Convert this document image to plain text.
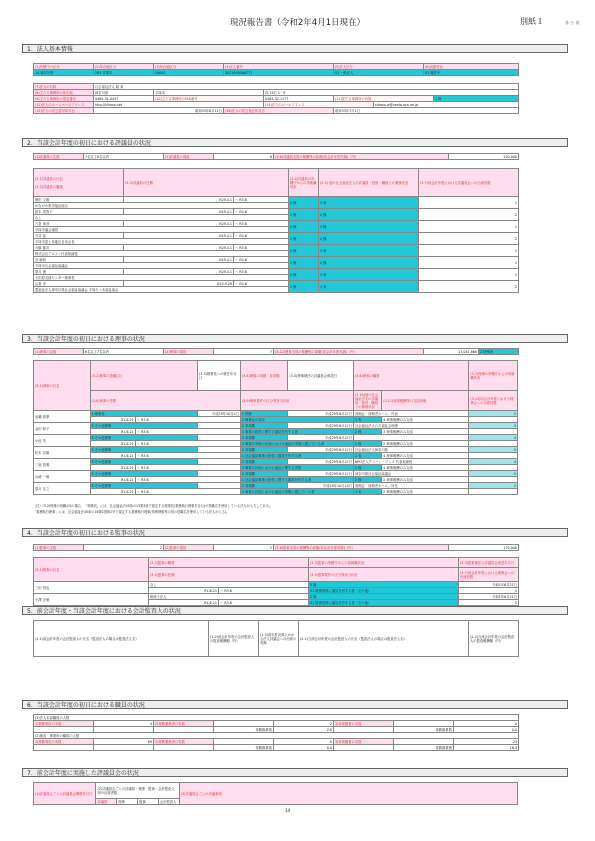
現況報告書（令和2年4月1日現在）	別紙１	非 公 表
1．法人基本情報
(1)所轄庁の区分	(2)所在地区分	(3)所在地区分	(4)法人番号	(5)法人区分	(6)活動状況
14 神奈川県	203 平塚市	14000	5021005006777	01 一般法人	01 運営中
(7)法人の名称	社会福祉法人 昭 希						
(8)主たる事務所の所在地	神奈川県	平塚市		浅 15石 1－9			
(9)主たる事務所の電話番号	0463-31-0437	(10)主たる事務所のFAX番号		0463-32-1177	(11)従たる事務所の有無		2 無
(12)法人のホームページアドレス	http://kihoso.net			(14)法人のメールアドレス		kihoso-w@vesta.ocn.ne.jp	
(15)法人の設立認可年月日	昭和33年6月11日		(16)法人の設立登記年月日		昭和33年7月1日		
2．当該会計年度の初日における評議員の状況
(1)評議員の定数	7名以上8名以内	(2)評議員の現員	8	(3-6)評議員全員の報酬等の総額(前会計年度実績)（円）	220,000
(3-1)評議員の氏名

(3-2)評議員の職業	(3-3)評議員の任期		(3-4)評議員の所轄庁からの再就職状況	(3-5) 他の社会福祉法人の評議員・役員・職員との兼務状況	(3-7)前会計年度における評議員会への出席回数
飯田 文雄	H29.4.1	～ R3.6	2 無	1 有	2
かながわ県央福祉組合					
鈴木 美智子	H29.4.1	～ R3.6	2 無	2 無	2
なし					
片倉 章彦	H29.4.1	～ R3.6	2 無	2 無	1
平塚市議会議員					
今井 拓	H29.4.1	～ R3.6	2 無	2 無	2
平塚市富士見地区自治会長					
石橋 健次	H29.4.1	～ R3.6	2 無	1 有	2
株式会社アルファ代表取締役					
谷 敏和	H29.4.1	～ R3.6	2 無	2 無	1
平塚市社会福祉協議会					
望月 俊	H29.4.1	～ R3.6	2 無	1 有	2
小田原支援センター理事長					
山倉 淳	H29.9.29	～ R3.6	2 無	1 有	2
盟福祉法人神奈川県社会福祉協議会 平塚ろうあ福祉協会					
3．当該会計年度の初日における理事の状況
(1)理事の定数	6名以上7名以内	(2)理事の現員	7	(3-12)理事全員の報酬等の総額(前会計年度実績)（円）	17,041,666	2 特殊表
(3-1)理事の氏名	(3-2)理事の役職(注)		(3-3)理事長への就任年月日	(3-4)理事の常勤・非常勤	(3-5)理事就任の評議員会承認日	(3-6)理事の職業		(3-7)理事の所轄庁からの再就職状況
	(3-8)理事の任期			(3-9)理事要件の区分別該当状況		(3-10)他の社会福祉法人の評議員・役員・職員との兼務状況	(3-11)理事報酬等の支給形態	(3-13)前会計年度における理事会への出席回数
岩瀬 高夢	1 理事長		平成29年10月4日	1 常勤	平成29年6月12日	西湘会・西湘老ホーム／代表		5
	R1.6.21	～ R3.6		2 理事会の認可		1 有	4 理事報酬のみ支給	
金田 和子	3 その他理事			2 非常勤	平成29年6月12日	社会福祉法人六方福祉会理事		3
	R1.6.21	～ R3.6		1 事業の経営に関する識見を有する者		2 無	3 理事報酬のみ支給	
小池 茂	3 その他理事			2 非常勤	平成29年6月12日			4
	R1.6.21	～ R3.6		2 事業の実態の区域における福祉の実情に通じている者		2 無	2 理事報酬のみ支給	
松本 信雄	3 その他理事			2 非常勤	平成29年6月12日	社会福祉法人神奈川県		5
	R1.6.21	～ R3.6		1 社会福祉事業の経営に識見を有する者		1 有	4 理事報酬のみ支給	
三坂 昌義	3 その他理事			2 非常勤	平成29年6月12日	NPO法人クリーン・ワンズ 代表取締役		4
	R1.6.21	～ R3.6		2 事業の区域における福祉に関する実情		2 無	1 理事報酬のみ支給	
山崎 一朗	3 その他理事			2 非常勤	平成29年6月12日	神奈川県社会福祉協議会		5
	R1.6.21	～ R3.6		1 社会福祉事業の経営に関する識見を有する者		2 無	2 理事報酬のみ支給	
望月 友之	3 その他理事			2 非常勤	平成29年10月10日	西湘会・西湘老ホーム／所長		2
	R1.6.21	～ R3.6		2 事業の区域における福祉の実情に通じている者		1 有	2 理事報酬のみ支給	
（注）(3-2)理事の役職が2の場合、「理事長」には、社会福祉法45条の13第3項で規定する理事長(業務執行理事を含む)の役職名を使用している法人が入力してある。
「業務執行理事」には、社会福祉法45条の16第2項第2号で規定する業務執行理事(常務理事等の役の役職名を使用している法人が入る)。
4．当該会計年度の初日における監事の状況
(1)監事の定数	2	(2)監事の現員	2	(3-6)監事全員の報酬等の総額(前会計年度実績)（円）	170,000
(3-1)監事の氏名	(3-2)監事の職業		(3-3)監事の所轄庁からの再就職状況	(3-3)監事就任の評議員会承認年月日
	(3-4)監事の任期		(3-5)監事要件の区分別該当状況	(3-7)前会計年度における理事会への出席回数
三田 昌也	なし		2 無	令和1年6月21日
	R1.6.21	～ R3.6	01 財務管理に識見を有する者（その他）	5
小澤 正敏	税理士法人		2 無	令和1年6月21日
	R1.6.21	～ R3.6	01 財務管理に識見を有する者（その他）	5
5．前会計年度・当該会計年度における会計監査人の状況
(1-1)前会計年度の会計監査人の氏名（監査法人の場合は監査法人名）	(1-2)前会計年度の会計監査人の監査報酬額（円）	(1-3)前年度決算にかかる法人評議会への出席の有無	(2-1)当該会計年度の会計監査人の氏名（監査法人の場合は監査法人名）	(2-2)当該会計年度の会計監査人の監査報酬額（円）
6．当該会計年度の初日における職員の状況
(1)法人本部職員の人数							
1)常勤専従の実数	4	2)常勤兼務者の実数		2	3)非常勤者の実数		0
			常勤換算数	2.0		常勤換算数	0.0
(2)施設・事業所の職員の人数							
1)常勤専従の実数	69	2)常勤兼務者の実数		0	3)非常勤者の実数		23
			常勤換算数	0.0		常勤換算数	18.3
7．前会計年度に実施した評議員会の状況
(1)評議員会ごとの評議員会開催年月日	(2)評議員会ごとの評議員・理事・監事・会計監査人別の出席者数				(3)評議員会ごとの決議事項
	評議員	理事	監事	会計監査人	
14
